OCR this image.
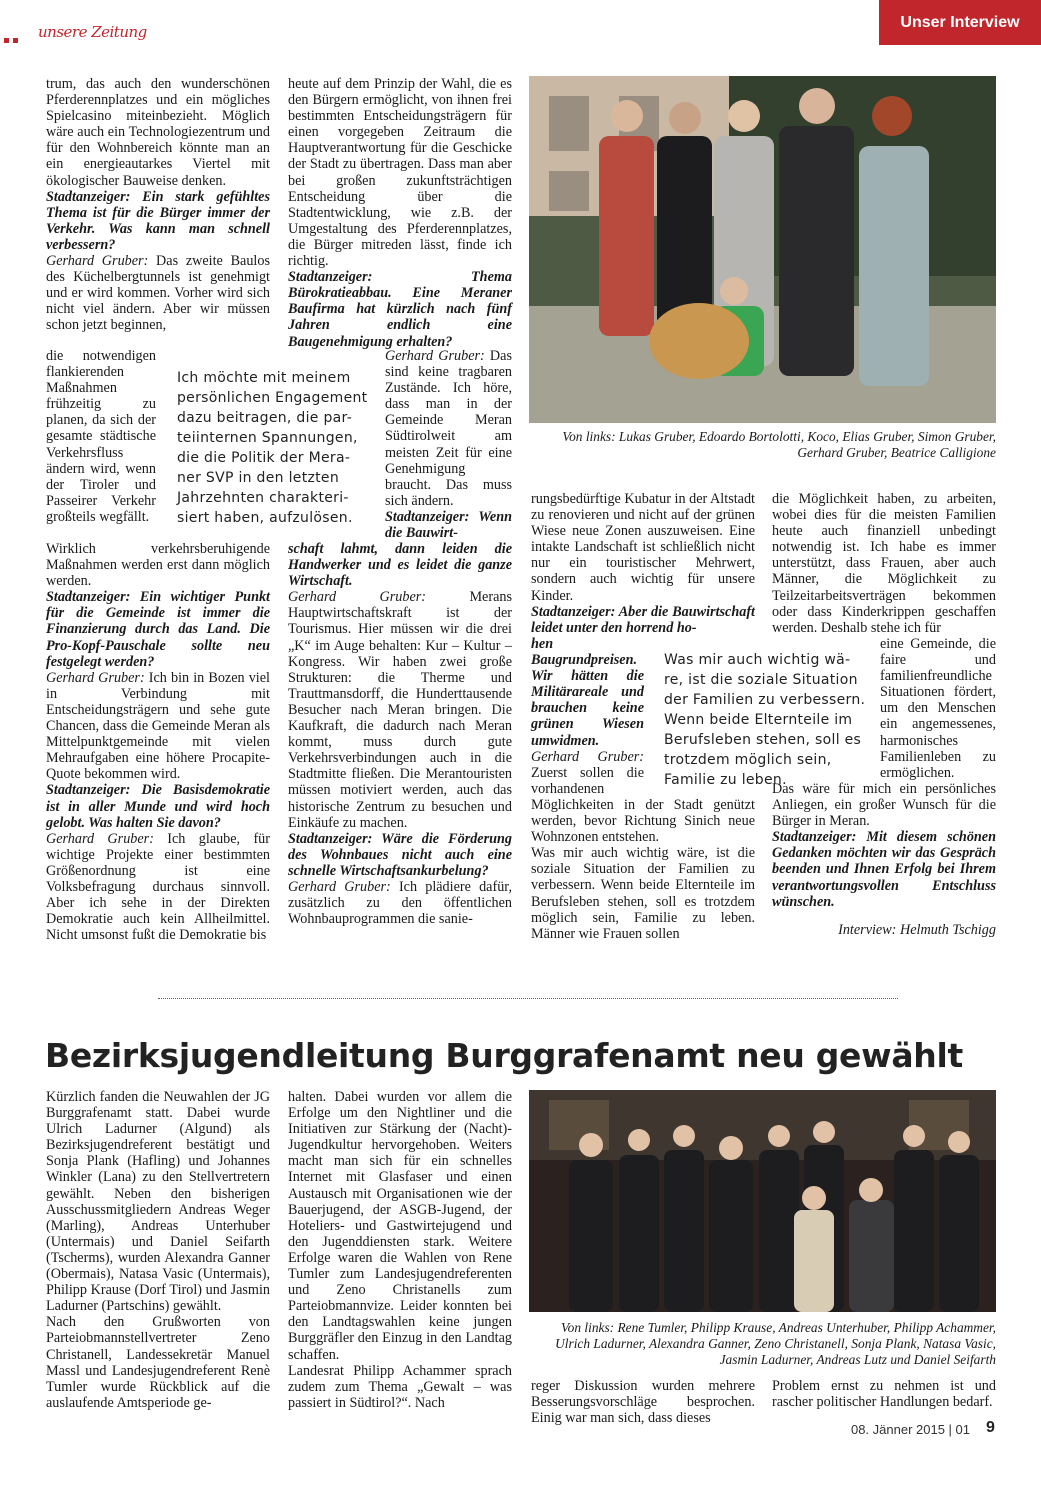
unsere Zeitung
Unser Interview

trum, das auch den wunderschönen Pferderennplatzes und ein mögliches Spielcasino miteinbezieht. Möglich wäre auch ein Technologiezentrum und für den Wohnbereich könnte man an ein energieautarkes Viertel mit ökologischer Bauweise denken.

Stadtanzeiger: Ein stark gefühltes Thema ist für die Bürger immer der Verkehr. Was kann man schnell verbessern?

Gerhard Gruber: Das zweite Baulos des Küchelbergtunnels ist genehmigt und er wird kommen. Vorher wird sich nicht viel ändern. Aber wir müssen schon jetzt beginnen,

die notwendigen flankierenden Maßnahmen frühzeitig zu planen, da sich der gesamte städtische Verkehrsfluss ändern wird, wenn der Tiroler und Passeirer Verkehr großteils wegfällt.

Wirklich verkehrsberuhigende Maßnahmen werden erst dann möglich werden.

Stadtanzeiger: Ein wichtiger Punkt für die Gemeinde ist immer die Finanzierung durch das Land. Die Pro-Kopf-Pauschale sollte neu festgelegt werden?

Gerhard Gruber: Ich bin in Bozen viel in Verbindung mit Entscheidungsträgern und sehe gute Chancen, dass die Gemeinde Meran als Mittelpunktgemeinde mit vielen Mehraufgaben eine höhere Procapite-Quote bekommen wird.

Stadtanzeiger: Die Basisdemokratie ist in aller Munde und wird hoch gelobt. Was halten Sie davon?

Gerhard Gruber: Ich glaube, für wichtige Projekte einer bestimmten Größenordnung ist eine Volksbefragung durchaus sinnvoll. Aber ich sehe in der Direkten Demokratie auch kein Allheilmittel. Nicht umsonst fußt die Demokratie bis

heute auf dem Prinzip der Wahl, die es den Bürgern ermöglicht, von ihnen frei bestimmten Entscheidungsträgern für einen vorgegeben Zeitraum die Hauptverantwortung für die Geschicke der Stadt zu übertragen. Dass man aber bei großen zukunftsträchtigen Entscheidung über die Stadtentwicklung, wie z.B. der Umgestaltung des Pferderennplatzes, die Bürger mitreden lässt, finde ich richtig.

Stadtanzeiger: Thema Bürokratieabbau. Eine Meraner Baufirma hat kürzlich nach fünf Jahren endlich eine Baugenehmigung erhalten?

Gerhard Gruber: Das sind keine tragbaren Zustände. Ich höre, dass man in der Gemeinde Meran Südtirolweit am meisten Zeit für eine Genehmigung braucht. Das muss sich ändern.

Stadtanzeiger: Wenn die Bauwirt-

schaft lahmt, dann leiden die Handwerker und es leidet die ganze Wirtschaft.

Gerhard Gruber: Merans Hauptwirtschaftskraft ist der Tourismus. Hier müssen wir die drei „K“ im Auge behalten: Kur – Kultur – Kongress. Wir haben zwei große Strukturen: die Therme und Trauttmansdorff, die Hunderttausende Besucher nach Meran bringen. Die Kaufkraft, die dadurch nach Meran kommt, muss durch gute Verkehrsverbindungen auch in die Stadtmitte fließen. Die Merantouristen müssen motiviert werden, auch das historische Zentrum zu besuchen und Einkäufe zu machen.

Stadtanzeiger: Wäre die Förderung des Wohnbaues nicht auch eine schnelle Wirtschaftsankurbelung?

Gerhard Gruber: Ich plädiere dafür, zusätzlich zu den öffentlichen Wohnbauprogrammen die sanie-

Ich möchte mit meinem
persönlichen Engagement
dazu beitragen, die par-
teiinternen Spannungen,
die die Politik der Mera-
ner SVP in den letzten
Jahrzehnten charakteri-
siert haben, aufzulösen.
Von links: Lukas Gruber, Edoardo Bortolotti, Koco, Elias Gruber, Simon Gruber, Gerhard Gruber, Beatrice Calligione

rungsbedürftige Kubatur in der Altstadt zu renovieren und nicht auf der grünen Wiese neue Zonen auszuweisen. Eine intakte Landschaft ist schließlich nicht nur ein touristischer Mehrwert, sondern auch wichtig für unsere Kinder.

Stadtanzeiger: Aber die Bauwirtschaft leidet unter den horrend ho-

hen Baugrundpreisen. Wir hätten die Militärareale und brauchen keine grünen Wiesen umwidmen.

Gerhard Gruber: Zuerst sollen die vorhandenen

Möglichkeiten in der Stadt genützt werden, bevor Richtung Sinich neue Wohnzonen entstehen.

Was mir auch wichtig wäre, ist die soziale Situation der Familien zu verbessern. Wenn beide Elternteile im Berufsleben stehen, soll es trotzdem möglich sein, Familie zu leben. Männer wie Frauen sollen

Was mir auch wichtig wä-
re, ist die soziale Situation
der Familien zu verbessern.
Wenn beide Elternteile im
Berufsleben stehen, soll es
trotzdem möglich sein,
Familie zu leben.

die Möglichkeit haben, zu arbeiten, wobei dies für die meisten Familien heute auch finanziell unbedingt notwendig ist. Ich habe es immer unterstützt, dass Frauen, aber auch Männer, die Möglichkeit zu Teilzeitarbeitsverträgen bekommen oder dass Kinderkrippen geschaffen werden. Deshalb stehe ich für

eine Gemeinde, die faire und familienfreundliche Situationen fördert, um den Menschen ein angemessenes, harmonisches Familienleben zu ermöglichen.

Das wäre für mich ein persönliches Anliegen, ein großer Wunsch für die Bürger in Meran.

Stadtanzeiger: Mit diesem schönen Gedanken möchten wir das Gespräch beenden und Ihnen Erfolg bei Ihrem verantwortungsvollen Entschluss wünschen.

Interview: Helmuth Tschigg
Bezirksjugendleitung Burggrafenamt neu gewählt

Kürzlich fanden die Neuwahlen der JG Burggrafenamt statt. Dabei wurde Ulrich Ladurner (Algund) als Bezirksjugendreferent bestätigt und Sonja Plank (Hafling) und Johannes Winkler (Lana) zu den Stellvertretern gewählt. Neben den bisherigen Ausschussmitgliedern Andreas Weger (Marling), Andreas Unterhuber (Untermais) und Daniel Seifarth (Tscherms), wurden Alexandra Ganner (Obermais), Natasa Vasic (Untermais), Philipp Krause (Dorf Tirol) und Jasmin Ladurner (Partschins) gewählt.

Nach den Grußworten von Parteiobmannstellvertreter Zeno Christanell, Landessekretär Manuel Massl und Landesjugendreferent Renè Tumler wurde Rückblick auf die auslaufende Amtsperiode ge-

halten. Dabei wurden vor allem die Erfolge um den Nightliner und die Initiativen zur Stärkung der (Nacht)-Jugendkultur hervorgehoben. Weiters macht man sich für ein schnelles Internet mit Glasfaser und einen Austausch mit Organisationen wie der Bauerjugend, der ASGB-Jugend, der Hoteliers- und Gastwirtejugend und den Jugenddiensten stark. Weitere Erfolge waren die Wahlen von Rene Tumler zum Landesjugendreferenten und Zeno Christanells zum Parteiobmannvize. Leider konnten bei den Landtagswahlen keine jungen Burggräfler den Einzug in den Landtag schaffen.

Landesrat Philipp Achammer sprach zudem zum Thema „Gewalt – was passiert in Südtirol?“. Nach

Von links: Rene Tumler, Philipp Krause, Andreas Unterhuber, Philipp Achammer, Ulrich Ladurner, Alexandra Ganner, Zeno Christanell, Sonja Plank, Natasa Vasic, Jasmin Ladurner, Andreas Lutz und Daniel Seifarth
reger Diskussion wurden mehrere Besserungsvorschläge besprochen. Einig war man sich, dass dieses
Problem ernst zu nehmen ist und rascher politischer Handlungen bedarf.
08. Jänner 2015 | 01 9
